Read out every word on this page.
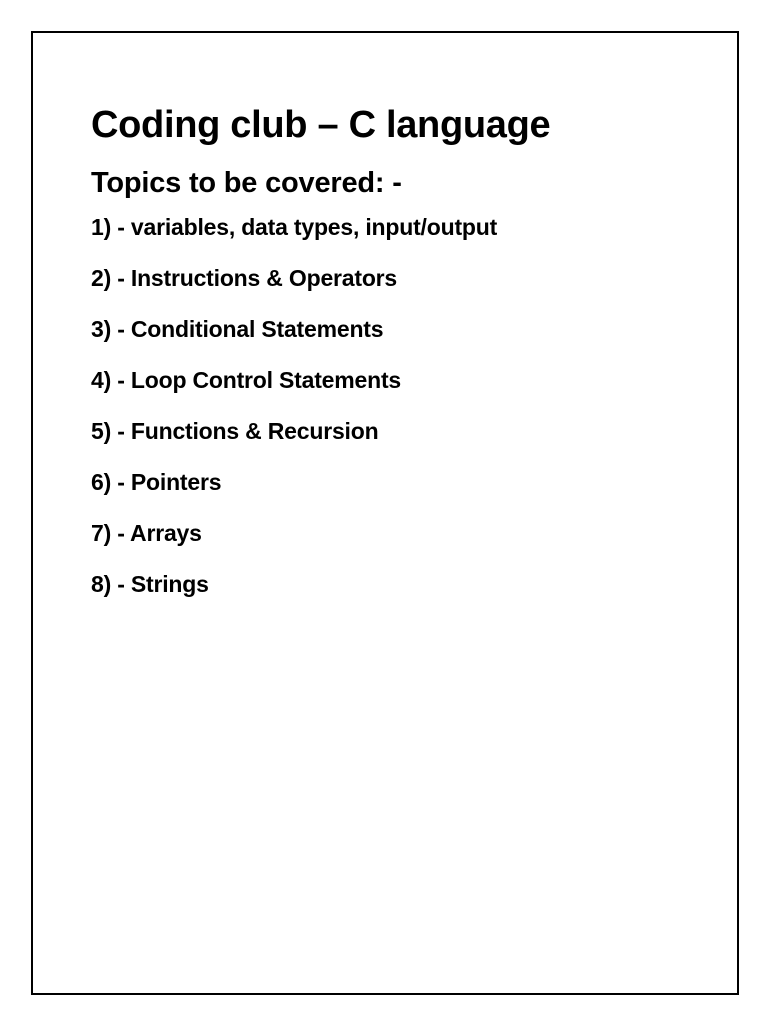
Coding club – C language
Topics to be covered: -
1) - variables, data types, input/output
2) - Instructions & Operators
3) - Conditional Statements
4) - Loop Control Statements
5) - Functions & Recursion
6) - Pointers
7) - Arrays
8) - Strings
